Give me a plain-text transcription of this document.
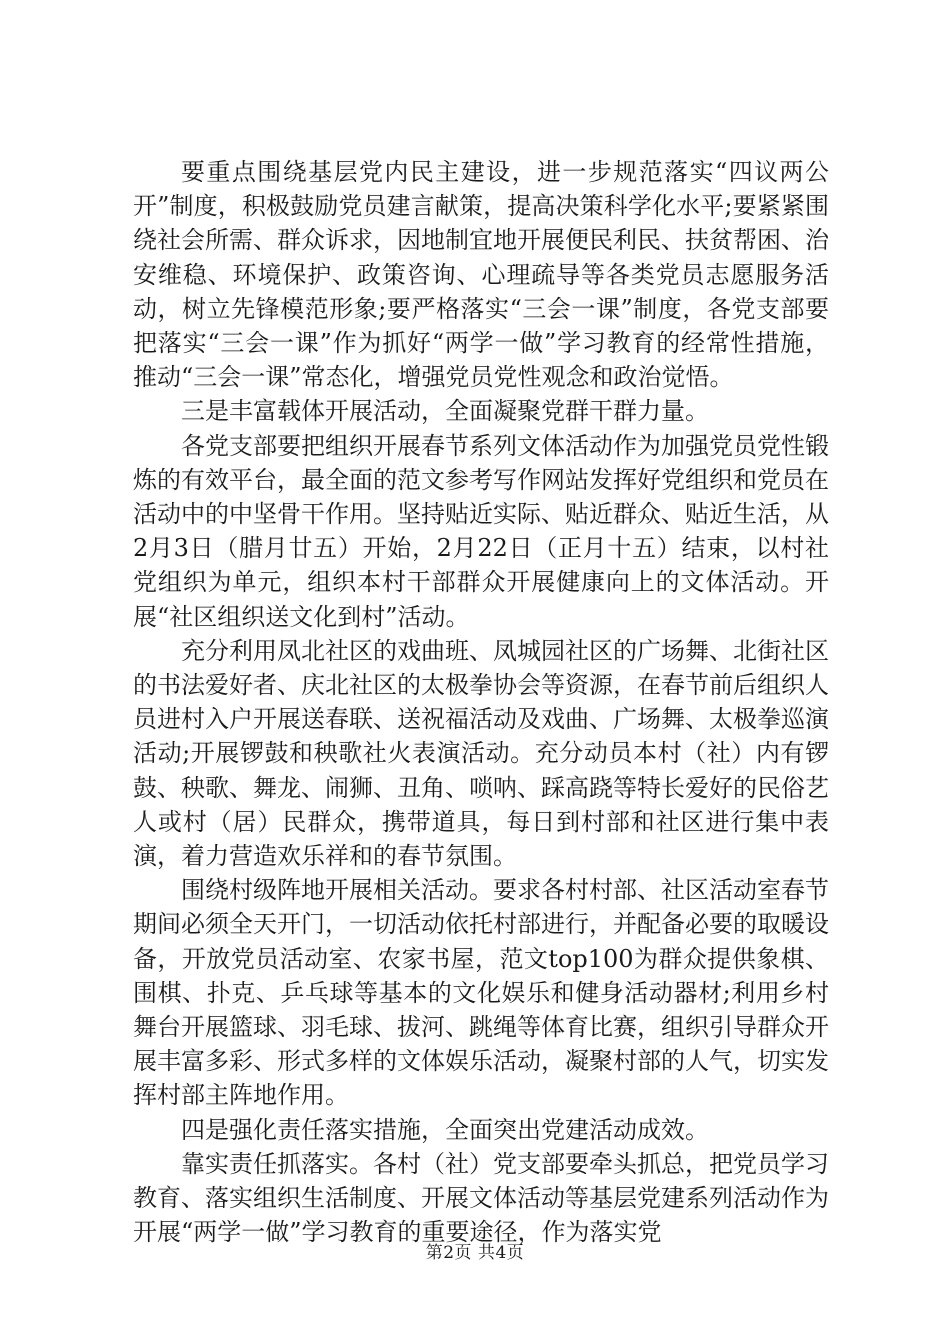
要重点围绕基层党内民主建设，进一步规范落实“四议两公开”制度，积极鼓励党员建言献策，提高决策科学化水平;要紧紧围绕社会所需、群众诉求，因地制宜地开展便民利民、扶贫帮困、治安维稳、环境保护、政策咨询、心理疏导等各类党员志愿服务活动，树立先锋模范形象;要严格落实“三会一课”制度，各党支部要把落实“三会一课”作为抓好“两学一做”学习教育的经常性措施，推动“三会一课”常态化，增强党员党性观念和政治觉悟。

三是丰富载体开展活动，全面凝聚党群干群力量。

各党支部要把组织开展春节系列文体活动作为加强党员党性锻炼的有效平台，最全面的范文参考写作网站发挥好党组织和党员在活动中的中坚骨干作用。坚持贴近实际、贴近群众、贴近生活，从2月3日（腊月廿五）开始，2月22日（正月十五）结束，以村社党组织为单元，组织本村干部群众开展健康向上的文体活动。开展“社区组织送文化到村”活动。

充分利用凤北社区的戏曲班、凤城园社区的广场舞、北街社区的书法爱好者、庆北社区的太极拳协会等资源，在春节前后组织人员进村入户开展送春联、送祝福活动及戏曲、广场舞、太极拳巡演活动;开展锣鼓和秧歌社火表演活动。充分动员本村（社）内有锣鼓、秧歌、舞龙、闹狮、丑角、唢呐、踩高跷等特长爱好的民俗艺人或村（居）民群众，携带道具，每日到村部和社区进行集中表演，着力营造欢乐祥和的春节氛围。

围绕村级阵地开展相关活动。要求各村村部、社区活动室春节期间必须全天开门，一切活动依托村部进行，并配备必要的取暖设备，开放党员活动室、农家书屋，范文top100为群众提供象棋、围棋、扑克、乒乓球等基本的文化娱乐和健身活动器材;利用乡村舞台开展篮球、羽毛球、拔河、跳绳等体育比赛，组织引导群众开展丰富多彩、形式多样的文体娱乐活动，凝聚村部的人气，切实发挥村部主阵地作用。

四是强化责任落实措施，全面突出党建活动成效。

靠实责任抓落实。各村（社）党支部要牵头抓总，把党员学习教育、落实组织生活制度、开展文体活动等基层党建系列活动作为开展“两学一做”学习教育的重要途径，作为落实党

第2页 共4页
